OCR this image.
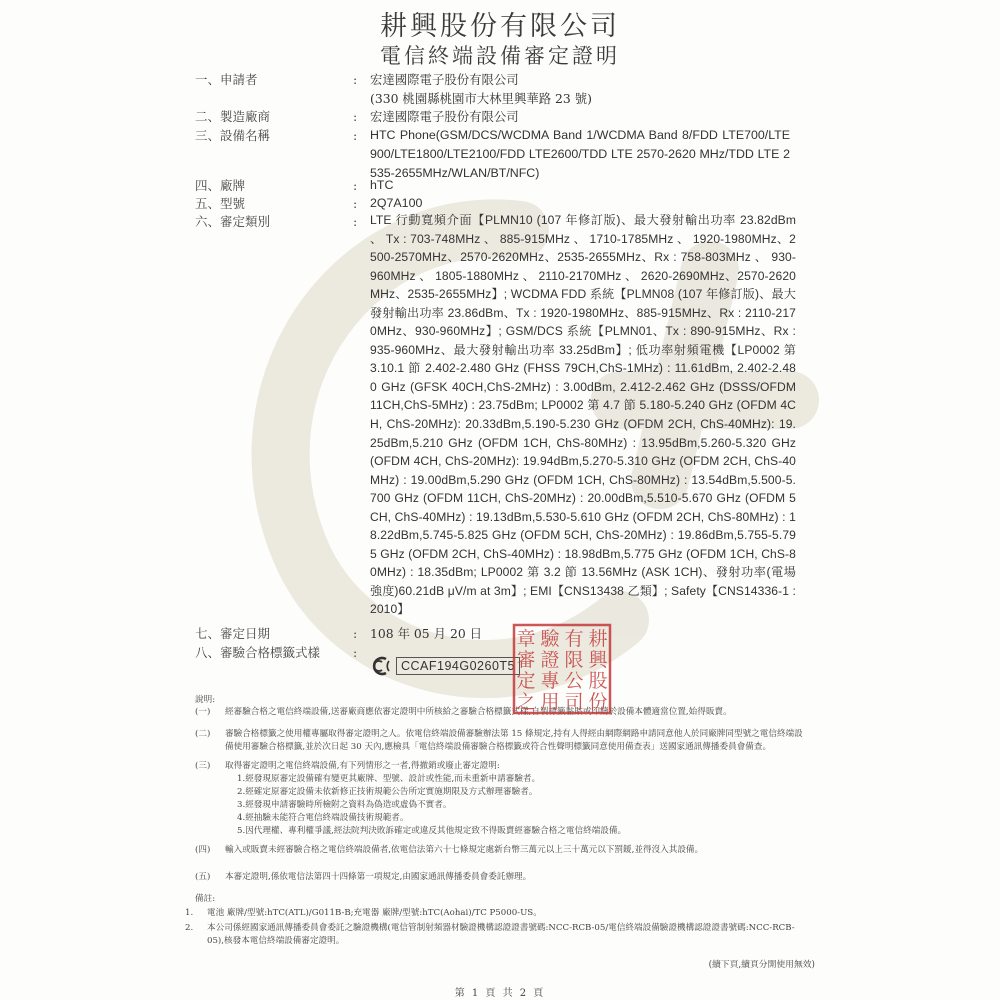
耕興股份有限公司
電信終端設備審定證明
一、申請者	: 宏達國際電子股份有限公司
(330 桃園縣桃園市大林里興華路 23 號)
二、製造廠商	: 宏達國際電子股份有限公司
三、設備名稱	: HTC Phone(GSM/DCS/WCDMA Band 1/WCDMA Band 8/FDD LTE700/LTE900/LTE1800/LTE2100/FDD LTE2600/TDD LTE 2570-2620 MHz/TDD LTE 2535-2655MHz/WLAN/BT/NFC)
四、廠牌	: hTC
五、型號	: 2Q7A100
六、審定類別	: LTE 行動寬頻介面【PLMN10 (107 年修訂版)、最大發射輸出功率 23.82dBm 、 Tx : 703-748MHz 、 885-915MHz 、 1710-1785MHz 、 1920-1980MHz、2500-2570MHz、2570-2620MHz、2535-2655MHz、Rx : 758-803MHz 、 930-960MHz 、 1805-1880MHz 、 2110-2170MHz 、 2620-2690MHz、2570-2620MHz、2535-2655MHz】; WCDMA FDD 系統【PLMN08 (107 年修訂版)、最大發射輸出功率 23.86dBm、Tx : 1920-1980MHz、885-915MHz、Rx : 2110-2170MHz、930-960MHz】; GSM/DCS 系統【PLMN01、Tx : 890-915MHz、Rx : 935-960MHz、最大發射輸出功率 33.25dBm】; 低功率射頻電機【LP0002 第 3.10.1 節 2.402-2.480 GHz (FHSS 79CH,ChS-1MHz) : 11.61dBm, 2.402-2.480 GHz (GFSK 40CH,ChS-2MHz) : 3.00dBm, 2.412-2.462 GHz (DSSS/OFDM 11CH,ChS-5MHz) : 23.75dBm; LP0002 第 4.7 節 5.180-5.240 GHz (OFDM 4CH, ChS-20MHz): 20.33dBm,5.190-5.230 GHz (OFDM 2CH, ChS-40MHz): 19.25dBm,5.210 GHz (OFDM 1CH, ChS-80MHz) : 13.95dBm,5.260-5.320 GHz (OFDM 4CH, ChS-20MHz): 19.94dBm,5.270-5.310 GHz (OFDM 2CH, ChS-40MHz) : 19.00dBm,5.290 GHz (OFDM 1CH, ChS-80MHz) : 13.54dBm,5.500-5.700 GHz (OFDM 11CH, ChS-20MHz) : 20.00dBm,5.510-5.670 GHz (OFDM 5CH, ChS-40MHz) : 19.13dBm,5.530-5.610 GHz (OFDM 2CH, ChS-80MHz) : 18.22dBm,5.745-5.825 GHz (OFDM 5CH, ChS-20MHz) : 19.86dBm,5.755-5.795 GHz (OFDM 2CH, ChS-40MHz) : 18.98dBm,5.775 GHz (OFDM 1CH, ChS-80MHz) : 18.35dBm; LP0002 第 3.2 節 13.56MHz (ASK 1CH)、發射功率(電場強度)60.21dB μV/m at 3m】; EMI【CNS13438 乙類】; Safety【CNS14336-1 : 2010】
七、審定日期	: 108 年 05 月 20 日
八、審驗合格標籤式樣	:
CCAF194G0260T5
耕
興
股
份
有
限
公
司
驗
證
專
用
章
審
定
之
說明:
(一)	經審驗合格之電信終端設備,送審廠商應依審定證明中所核給之審驗合格標籤式樣,自製標籤黏貼或印鑄於設備本體適當位置,始得販賣。
(二)	審驗合格標籤之使用權專屬取得審定證明之人。依電信終端設備審驗辦法第 15 條規定,持有人得經由網際網路申請同意他人於同廠牌同型號之電信終端設備使用審驗合格標籤,並於次日起 30 天內,應檢具「電信終端設備審驗合格標籤或符合性聲明標籤同意使用備查表」送國家通訊傳播委員會備查。
(三)	取得審定證明之電信終端設備,有下列情形之一者,得撤銷或廢止審定證明:
1.經發現原審定設備確有變更其廠牌、型號、設計或性能,而未重新申請審驗者。
2.經確定原審定設備未依新修正技術規範公告所定實施期限及方式辦理審驗者。
3.經發現申請審驗時所檢附之資料為偽造或虛偽不實者。
4.經抽驗未能符合電信終端設備技術規範者。
5.因代理權、專利權爭議,經法院判決敗訴確定或違反其他規定致不得販賣經審驗合格之電信終端設備。
(四)	輸入或販賣未經審驗合格之電信終端設備者,依電信法第六十七條規定處新台幣三萬元以上三十萬元以下罰鍰,並得沒入其設備。
(五)	本審定證明,係依電信法第四十四條第一項規定,由國家通訊傳播委員會委託辦理。
備註:
1. 電池 廠牌/型號:hTC(ATL)/G011B-B;充電器 廠牌/型號:hTC(Aohai)/TC P5000-US。
2. 本公司係經國家通訊傳播委員會委託之驗證機構(電信管制射頻器材驗證機構認證證書號碼:NCC-RCB-05/電信終端設備驗證機構認證證書號碼:NCC-RCB-05),核發本電信終端設備審定證明。
(續下頁,續頁分開使用無效)
第 1 頁 共 2 頁
